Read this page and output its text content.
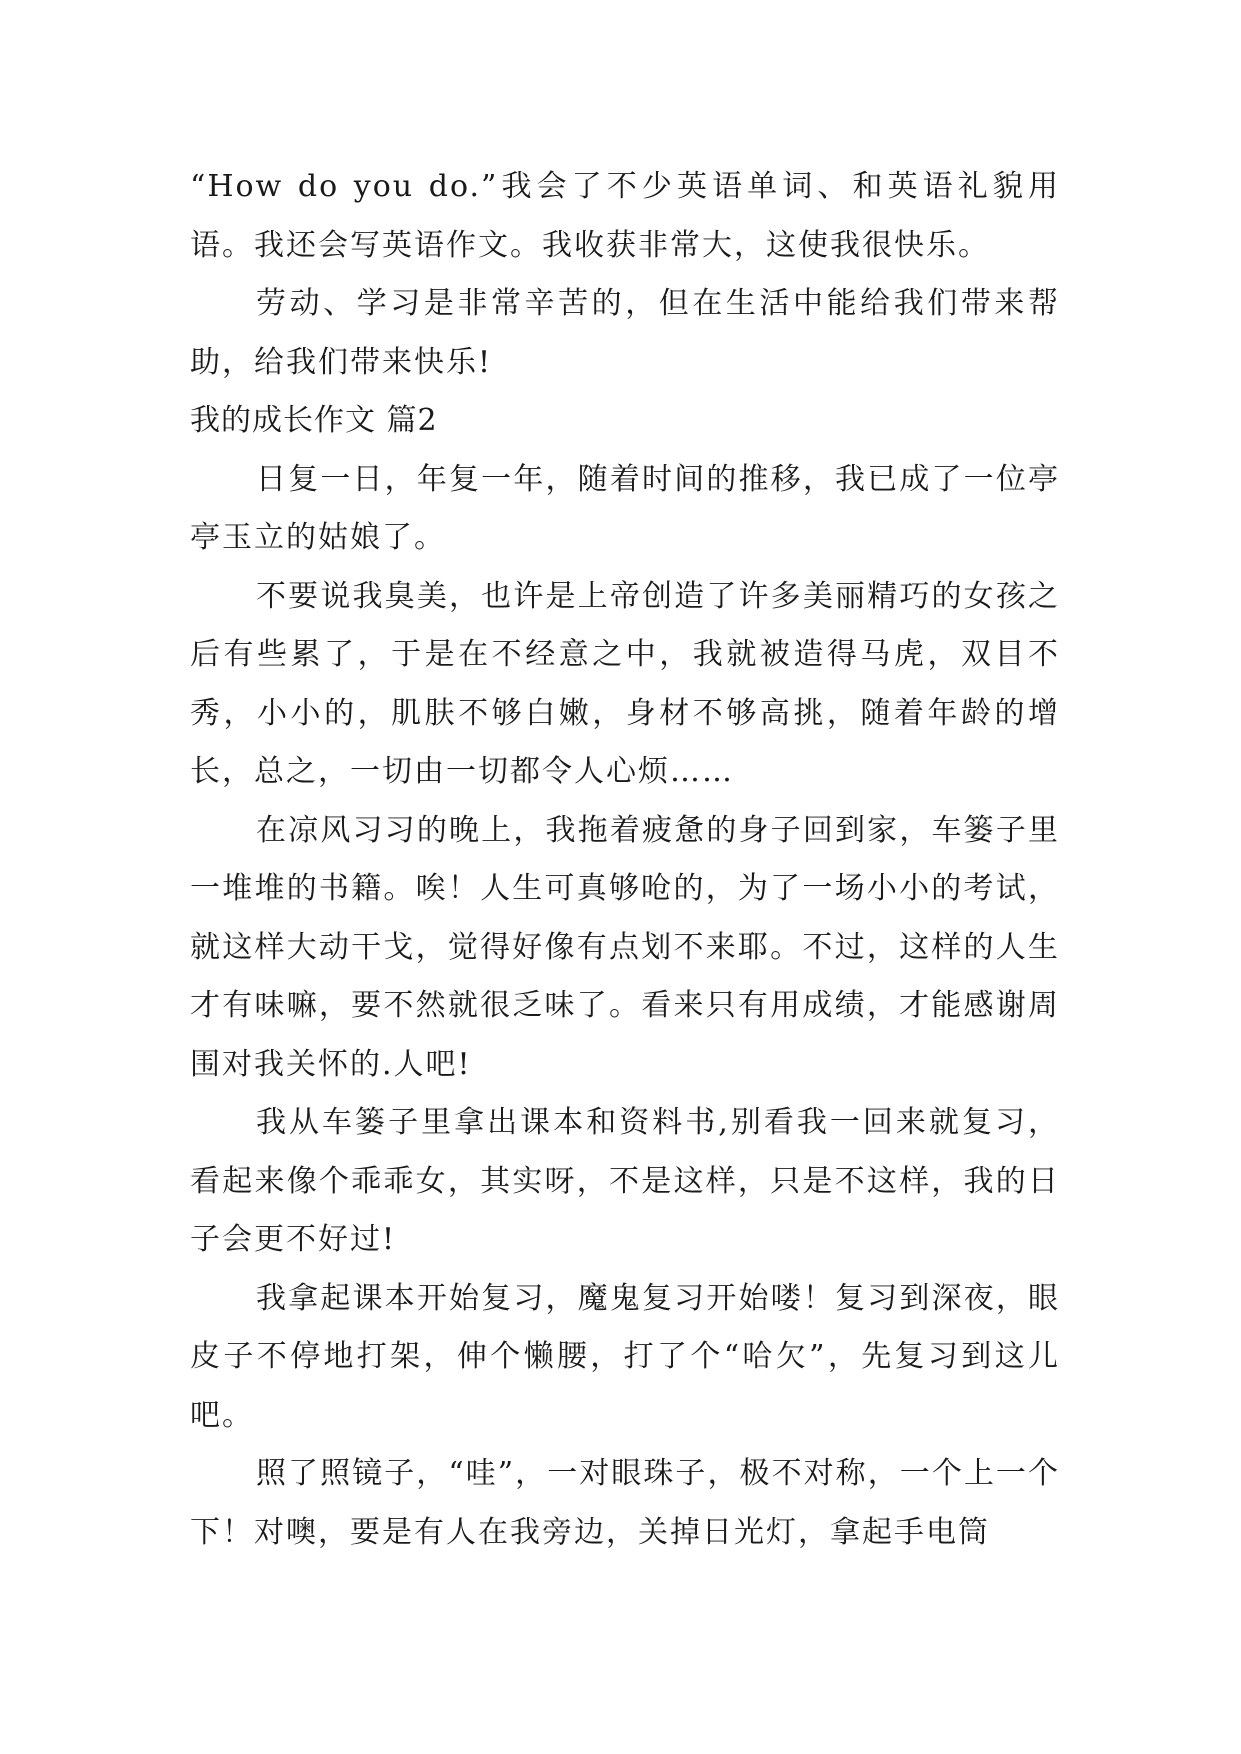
“How do you do.”我会了不少英语单词、和英语礼貌用语。我还会写英语作文。我收获非常大，这使我很快乐。

劳动、学习是非常辛苦的，但在生活中能给我们带来帮助，给我们带来快乐!

我的成长作文 篇2

日复一日，年复一年，随着时间的推移，我已成了一位亭亭玉立的姑娘了。

不要说我臭美，也许是上帝创造了许多美丽精巧的女孩之后有些累了，于是在不经意之中，我就被造得马虎，双目不秀，小小的，肌肤不够白嫩，身材不够高挑，随着年龄的增长，总之，一切由一切都令人心烦……

在凉风习习的晚上，我拖着疲惫的身子回到家，车篓子里一堆堆的书籍。唉！人生可真够呛的，为了一场小小的考试，就这样大动干戈，觉得好像有点划不来耶。不过，这样的人生才有味嘛，要不然就很乏味了。看来只有用成绩，才能感谢周围对我关怀的.人吧!

我从车篓子里拿出课本和资料书,别看我一回来就复习，看起来像个乖乖女，其实呀，不是这样，只是不这样，我的日子会更不好过!

我拿起课本开始复习，魔鬼复习开始喽！复习到深夜，眼皮子不停地打架，伸个懒腰，打了个“哈欠”，先复习到这儿吧。

照了照镜子，“哇”，一对眼珠子，极不对称，一个上一个下！对噢，要是有人在我旁边，关掉日光灯，拿起手电筒
